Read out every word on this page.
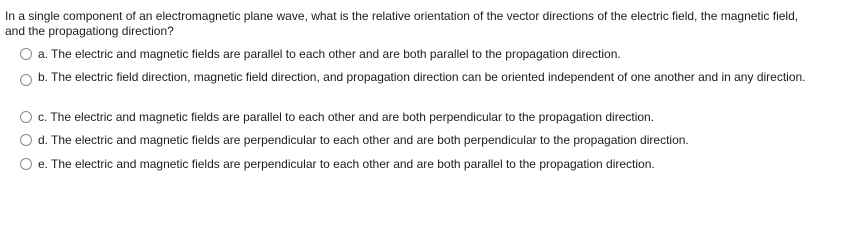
In a single component of an electromagnetic plane wave, what is the relative orientation of the vector directions of the electric field, the magnetic field, and the propagationg direction?
a. The electric and magnetic fields are parallel to each other and are both parallel to the propagation direction.
b. The electric field direction, magnetic field direction, and propagation direction can be oriented independent of one another and in any direction.
c. The electric and magnetic fields are parallel to each other and are both perpendicular to the propagation direction.
d. The electric and magnetic fields are perpendicular to each other and are both perpendicular to the propagation direction.
e. The electric and magnetic fields are perpendicular to each other and are both parallel to the propagation direction.
